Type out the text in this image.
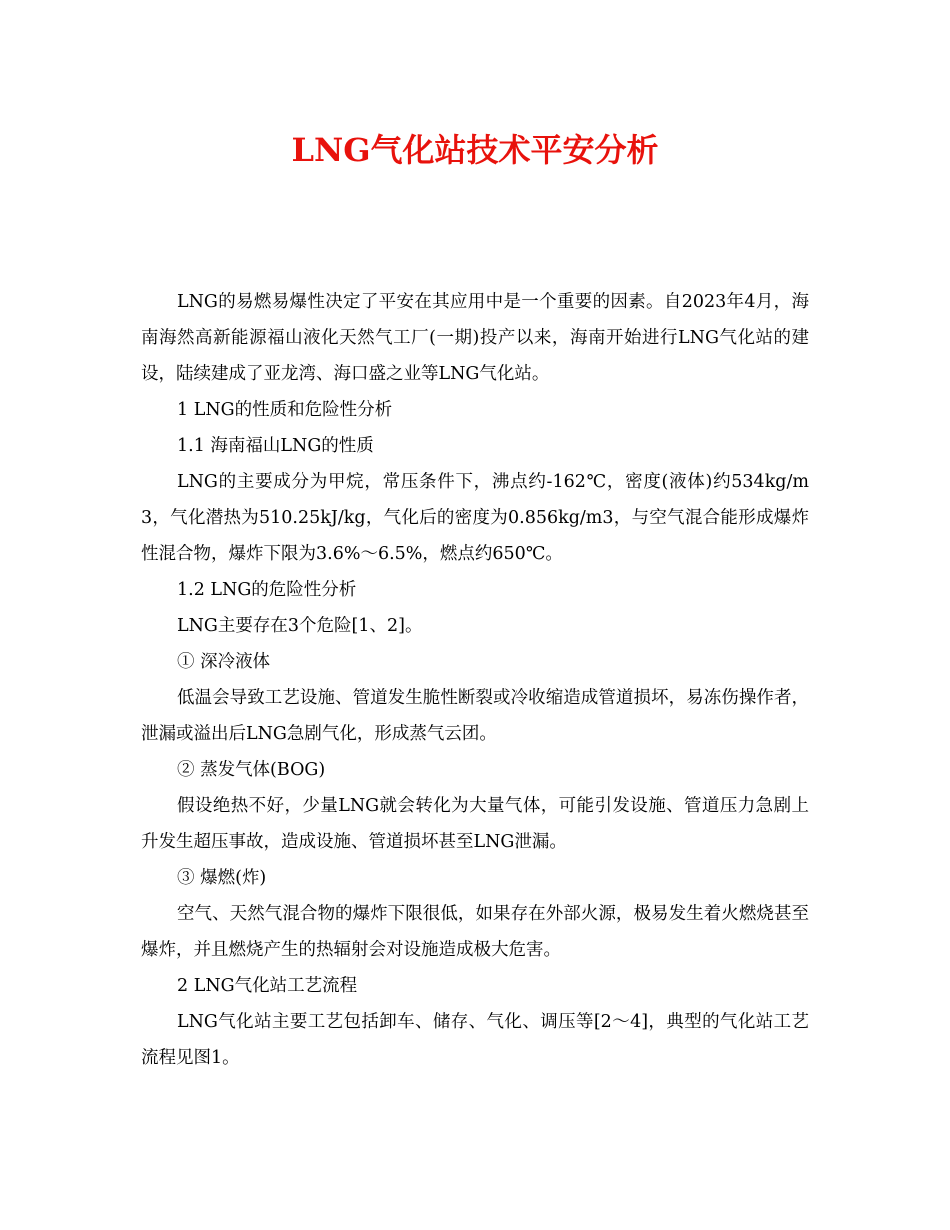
LNG气化站技术平安分析

LNG的易燃易爆性决定了平安在其应用中是一个重要的因素。自2023年4月，海南海然高新能源福山液化天然气工厂(一期)投产以来，海南开始进行LNG气化站的建设，陆续建成了亚龙湾、海口盛之业等LNG气化站。

1 LNG的性质和危险性分析

1.1 海南福山LNG的性质

LNG的主要成分为甲烷，常压条件下，沸点约-162℃，密度(液体)约534kg/m3，气化潜热为510.25kJ/kg，气化后的密度为0.856kg/m3，与空气混合能形成爆炸性混合物，爆炸下限为3.6%～6.5%，燃点约650℃。

1.2 LNG的危险性分析

LNG主要存在3个危险[1、2]。

① 深冷液体

低温会导致工艺设施、管道发生脆性断裂或冷收缩造成管道损坏，易冻伤操作者，泄漏或溢出后LNG急剧气化，形成蒸气云团。

② 蒸发气体(BOG)

假设绝热不好，少量LNG就会转化为大量气体，可能引发设施、管道压力急剧上升发生超压事故，造成设施、管道损坏甚至LNG泄漏。

③ 爆燃(炸)

空气、天然气混合物的爆炸下限很低，如果存在外部火源，极易发生着火燃烧甚至爆炸，并且燃烧产生的热辐射会对设施造成极大危害。

2 LNG气化站工艺流程

LNG气化站主要工艺包括卸车、储存、气化、调压等[2～4]，典型的气化站工艺流程见图1。
